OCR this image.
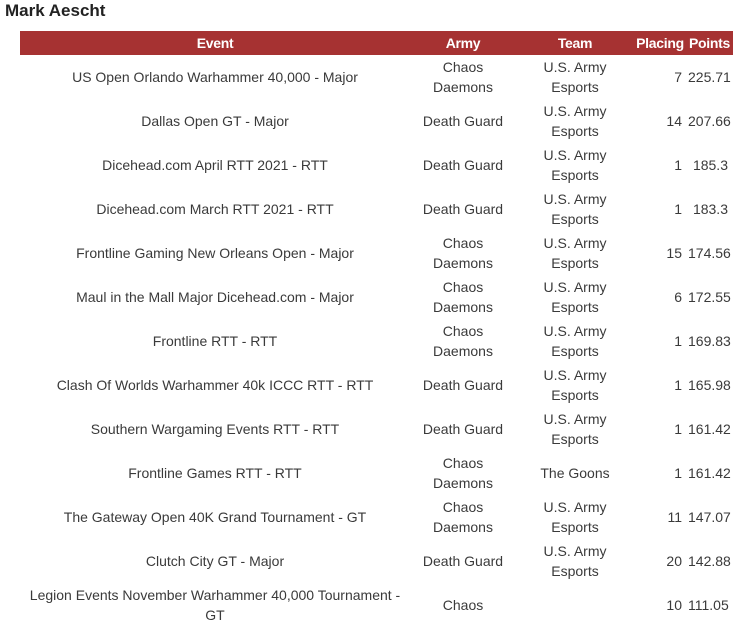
Mark Aescht
Event	Army	Team	Placing	Points
US Open Orlando Warhammer 40,000 - Major	Chaos Daemons	U.S. Army Esports	7	225.71
Dallas Open GT - Major	Death Guard	U.S. Army Esports	14	207.66
Dicehead.com April RTT 2021 - RTT	Death Guard	U.S. Army Esports	1	185.3
Dicehead.com March RTT 2021 - RTT	Death Guard	U.S. Army Esports	1	183.3
Frontline Gaming New Orleans Open - Major	Chaos Daemons	U.S. Army Esports	15	174.56
Maul in the Mall Major Dicehead.com - Major	Chaos Daemons	U.S. Army Esports	6	172.55
Frontline RTT - RTT	Chaos Daemons	U.S. Army Esports	1	169.83
Clash Of Worlds Warhammer 40k ICCC RTT - RTT	Death Guard	U.S. Army Esports	1	165.98
Southern Wargaming Events RTT - RTT	Death Guard	U.S. Army Esports	1	161.42
Frontline Games RTT - RTT	Chaos Daemons	The Goons	1	161.42
The Gateway Open 40K Grand Tournament - GT	Chaos Daemons	U.S. Army Esports	11	147.07
Clutch City GT - Major	Death Guard	U.S. Army Esports	20	142.88
Legion Events November Warhammer 40,000 Tournament - GT	Chaos		10	111.05
